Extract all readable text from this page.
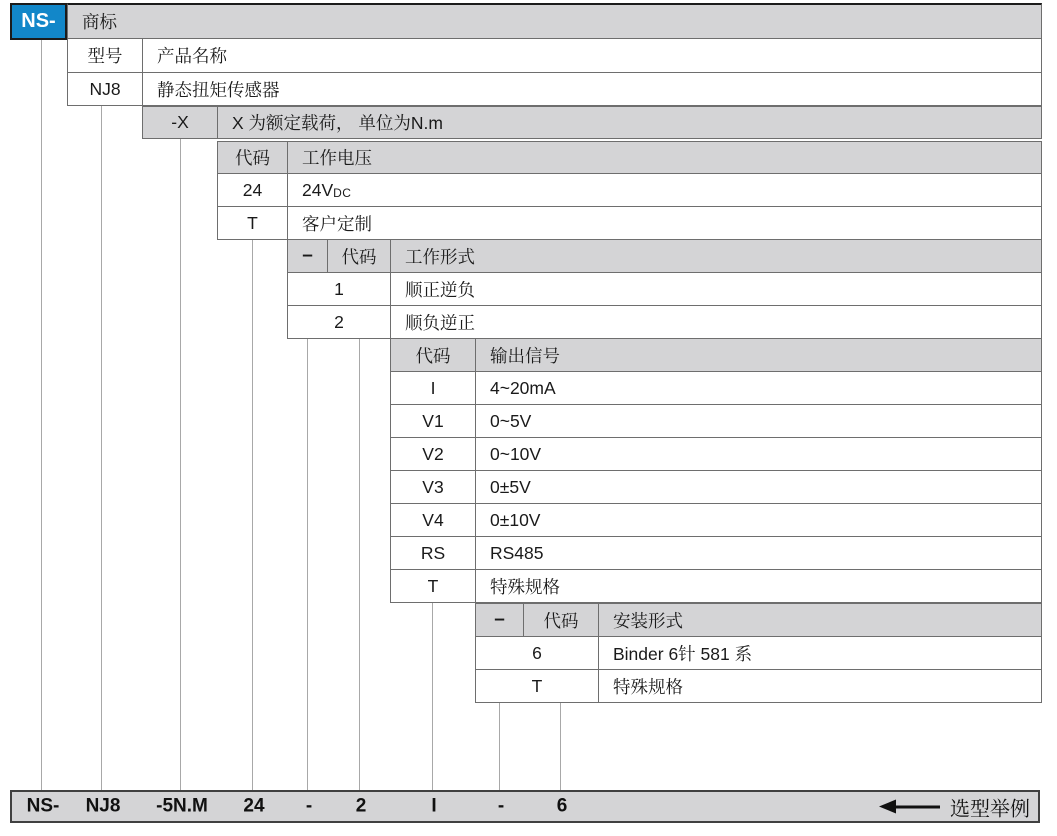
NS-	商标
型号	产品名称
NJ8	静态扭矩传感器
-X	X 为额定载荷， 单位为N.m
代码	工作电压
24	24V DC
T	客户定制
–	代码	工作形式
1	顺正逆负
2	顺负逆正
代码	输出信号
I	4~20mA
V1	0~5V
V2	0~10V
V3	0±5V
V4	0±10V
RS	RS485
T	特殊规格
–	代码	安装形式
6	Binder 6针 581 系
T	特殊规格
NS- NJ8 -5N.M 24 - 2	I	-	6	选型举例
